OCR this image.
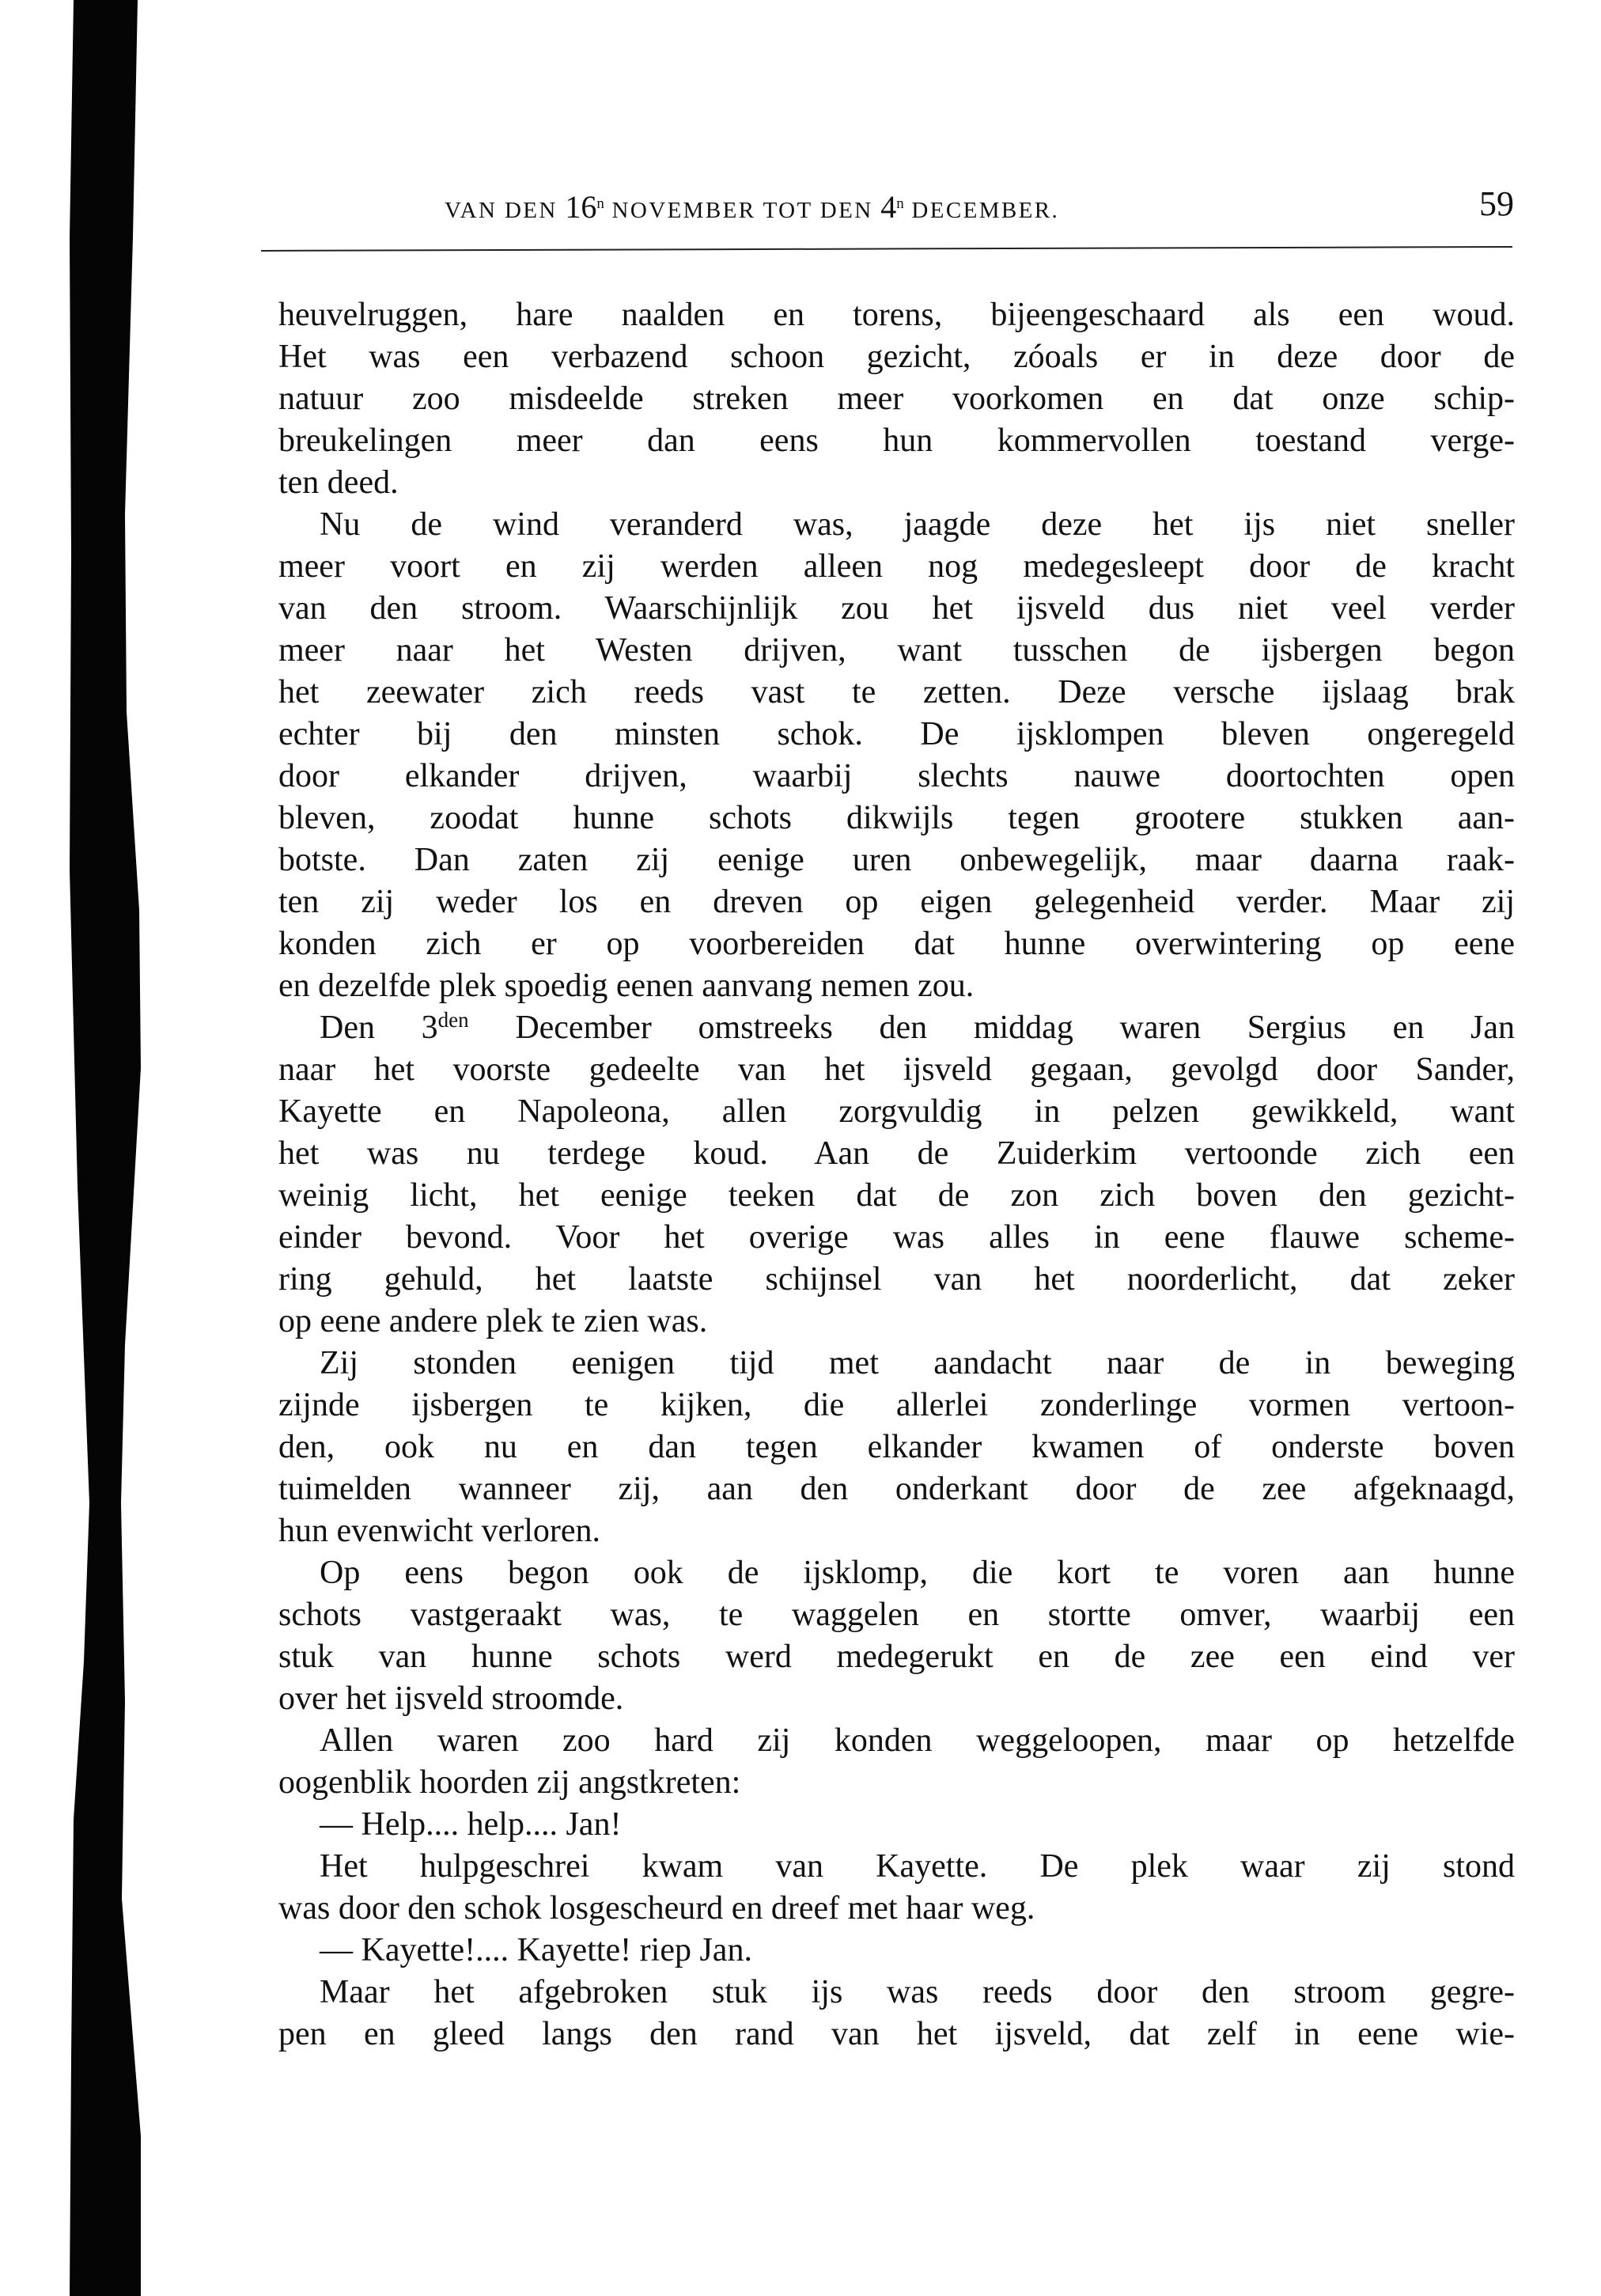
VAN DEN 16$^n$ NOVEMBER TOT DEN 4$^n$ DECEMBER.	59
heuvelruggen, hare naalden en torens, bijeengeschaard als een woud.
Het was een verbazend schoon gezicht, zóoals er in deze door de
natuur zoo misdeelde streken meer voorkomen en dat onze schip-
breukelingen meer dan eens hun kommervollen toestand verge-
ten deed.
Nu de wind veranderd was, jaagde deze het ijs niet sneller
meer voort en zij werden alleen nog medegesleept door de kracht
van den stroom. Waarschijnlijk zou het ijsveld dus niet veel verder
meer naar het Westen drijven, want tusschen de ijsbergen begon
het zeewater zich reeds vast te zetten. Deze versche ijslaag brak
echter bij den minsten schok. De ijsklompen bleven ongeregeld
door elkander drijven, waarbij slechts nauwe doortochten open
bleven, zoodat hunne schots dikwijls tegen grootere stukken aan-
botste. Dan zaten zij eenige uren onbewegelijk, maar daarna raak-
ten zij weder los en dreven op eigen gelegenheid verder. Maar zij
konden zich er op voorbereiden dat hunne overwintering op eene
en dezelfde plek spoedig eenen aanvang nemen zou.
Den $3^{den}$ December omstreeks den middag waren Sergius en Jan
naar het voorste gedeelte van het ijsveld gegaan, gevolgd door Sander,
Kayette en Napoleona, allen zorgvuldig in pelzen gewikkeld, want
het was nu terdege koud. Aan de Zuiderkim vertoonde zich een
weinig licht, het eenige teeken dat de zon zich boven den gezicht-
einder bevond. Voor het overige was alles in eene flauwe scheme-
ring gehuld, het laatste schijnsel van het noorderlicht, dat zeker
op eene andere plek te zien was.
Zij stonden eenigen tijd met aandacht naar de in beweging
zijnde ijsbergen te kijken, die allerlei zonderlinge vormen vertoon-
den, ook nu en dan tegen elkander kwamen of onderste boven
tuimelden wanneer zij, aan den onderkant door de zee afgeknaagd,
hun evenwicht verloren.
Op eens begon ook de ijsklomp, die kort te voren aan hunne
schots vastgeraakt was, te waggelen en stortte omver, waarbij een
stuk van hunne schots werd medegerukt en de zee een eind ver
over het ijsveld stroomde.
Allen waren zoo hard zij konden weggeloopen, maar op hetzelfde
oogenblik hoorden zij angstkreten:
— Help.... help.... Jan!
Het hulpgeschrei kwam van Kayette. De plek waar zij stond
was door den schok losgescheurd en dreef met haar weg.
— Kayette!.... Kayette! riep Jan.
Maar het afgebroken stuk ijs was reeds door den stroom gegre-
pen en gleed langs den rand van het ijsveld, dat zelf in eene wie-
